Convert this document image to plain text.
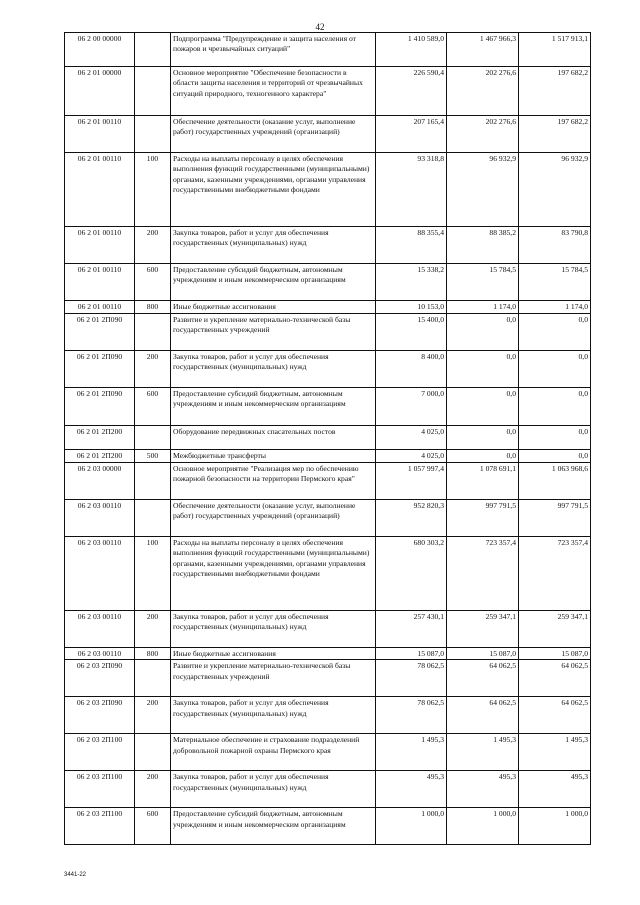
42
06 2 00 00000		Подпрограмма "Предупреждение и защита населения от пожаров и чрезвычайных ситуаций"	1 410 589,0	1 467 966,3	1 517 913,1
06 2 01 00000		Основное мероприятие "Обеспечение безопасности в области защиты населения и территорий от чрезвычайных ситуаций природного, техногенного характера"	226 590,4	202 276,6	197 682,2
06 2 01 00110		Обеспечение деятельности (оказание услуг, выполнение работ) государственных учреждений (организаций)	207 165,4	202 276,6	197 682,2
06 2 01 00110	100	Расходы на выплаты персоналу в целях обеспечения выполнения функций государственными (муниципальными) органами, казенными учреждениями, органами управления государственными внебюджетными фондами	93 318,8	96 932,9	96 932,9
06 2 01 00110	200	Закупка товаров, работ и услуг для обеспечения государственных (муниципальных) нужд	88 355,4	88 385,2	83 790,8
06 2 01 00110	600	Предоставление субсидий бюджетным, автономным учреждениям и иным некоммерческим организациям	15 338,2	15 784,5	15 784,5
06 2 01 00110	800	Иные бюджетные ассигнования	10 153,0	1 174,0	1 174,0
06 2 01 2П090		Развитие и укрепление материально-технической базы государственных учреждений	15 400,0	0,0	0,0
06 2 01 2П090	200	Закупка товаров, работ и услуг для обеспечения государственных (муниципальных) нужд	8 400,0	0,0	0,0
06 2 01 2П090	600	Предоставление субсидий бюджетным, автономным учреждениям и иным некоммерческим организациям	7 000,0	0,0	0,0
06 2 01 2П200		Оборудование передвижных спасательных постов	4 025,0	0,0	0,0
06 2 01 2П200	500	Межбюджетные трансферты	4 025,0	0,0	0,0
06 2 03 00000		Основное мероприятие "Реализация мер по обеспечению пожарной безопасности на территории Пермского края"	1 057 997,4	1 078 691,1	1 063 968,6
06 2 03 00110		Обеспечение деятельности (оказание услуг, выполнение работ) государственных учреждений (организаций)	952 820,3	997 791,5	997 791,5
06 2 03 00110	100	Расходы на выплаты персоналу в целях обеспечения выполнения функций государственными (муниципальными) органами, казенными учреждениями, органами управления государственными внебюджетными фондами	680 303,2	723 357,4	723 357,4
06 2 03 00110	200	Закупка товаров, работ и услуг для обеспечения государственных (муниципальных) нужд	257 430,1	259 347,1	259 347,1
06 2 03 00110	800	Иные бюджетные ассигнования	15 087,0	15 087,0	15 087,0
06 2 03 2П090		Развитие и укрепление материально-технической базы государственных учреждений	78 062,5	64 062,5	64 062,5
06 2 03 2П090	200	Закупка товаров, работ и услуг для обеспечения государственных (муниципальных) нужд	78 062,5	64 062,5	64 062,5
06 2 03 2П100		Материальное обеспечение и страхование подразделений добровольной пожарной охраны Пермского края	1 495,3	1 495,3	1 495,3
06 2 03 2П100	200	Закупка товаров, работ и услуг для обеспечения государственных (муниципальных) нужд	495,3	495,3	495,3
06 2 03 2П100	600	Предоставление субсидий бюджетным, автономным учреждениям и иным некоммерческим организациям	1 000,0	1 000,0	1 000,0
3441-22
